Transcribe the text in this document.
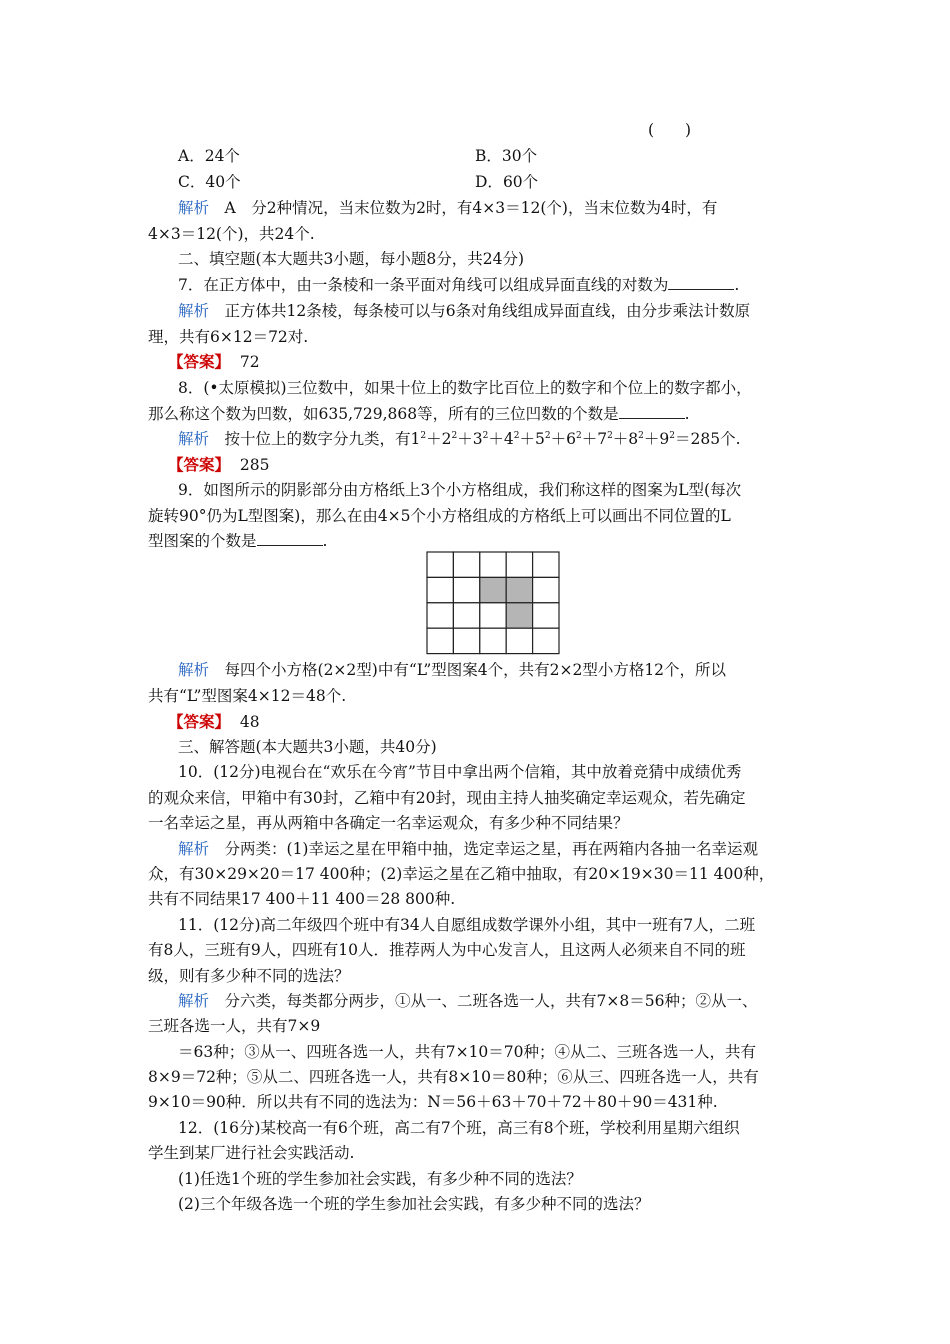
(　　)
A．24个	B．30个
C．40个	D．60个
解析　A　分2种情况，当末位数为2时，有4×3＝12(个)，当末位数为4时，有
4×3＝12(个)，共24个.
二、填空题(本大题共3小题，每小题8分，共24分)
7．在正方体中，由一条棱和一条平面对角线可以组成异面直线的对数为	.
解析　正方体共12条棱，每条棱可以与6条对角线组成异面直线，由分步乘法计数原
理，共有6×12＝72对.
【答案】 72
8．(•太原模拟)三位数中，如果十位上的数字比百位上的数字和个位上的数字都小，
那么称这个数为凹数，如635,729,868等，所有的三位凹数的个数是	.
解析　按十位上的数字分九类，有$1^2+2^2+3^2+4^2+5^2+6^2+7^2+8^2+9^2=285$个.
【答案】 285
9．如图所示的阴影部分由方格纸上3个小方格组成，我们称这样的图案为L型(每次
旋转90°仍为L型图案)，那么在由4×5个小方格组成的方格纸上可以画出不同位置的L
型图案的个数是	.
解析　每四个小方格(2×2型)中有“L”型图案4个，共有2×2型小方格12个，所以
共有“L”型图案4×12＝48个.
【答案】 48
三、解答题(本大题共3小题，共40分)
10．(12分)电视台在“欢乐在今宵”节目中拿出两个信箱，其中放着竞猜中成绩优秀
的观众来信，甲箱中有30封，乙箱中有20封，现由主持人抽奖确定幸运观众，若先确定
一名幸运之星，再从两箱中各确定一名幸运观众，有多少种不同结果？
解析　分两类：(1)幸运之星在甲箱中抽，选定幸运之星，再在两箱内各抽一名幸运观
众，有30×29×20＝17 400种；(2)幸运之星在乙箱中抽取，有20×19×30＝11 400种，
共有不同结果17 400＋11 400＝28 800种.
11．(12分)高二年级四个班中有34人自愿组成数学课外小组，其中一班有7人，二班
有8人，三班有9人，四班有10人．推荐两人为中心发言人，且这两人必须来自不同的班
级，则有多少种不同的选法？
解析　分六类，每类都分两步，①从一、二班各选一人，共有7×8＝56种；②从一、
三班各选一人，共有7×9
＝63种；③从一、四班各选一人，共有7×10＝70种；④从二、三班各选一人，共有
8×9＝72种；⑤从二、四班各选一人，共有8×10＝80种；⑥从三、四班各选一人，共有
9×10＝90种．所以共有不同的选法为：N＝56＋63＋70＋72＋80＋90＝431种.
12．(16分)某校高一有6个班，高二有7个班，高三有8个班，学校利用星期六组织
学生到某厂进行社会实践活动.
(1)任选1个班的学生参加社会实践，有多少种不同的选法？
(2)三个年级各选一个班的学生参加社会实践，有多少种不同的选法？
